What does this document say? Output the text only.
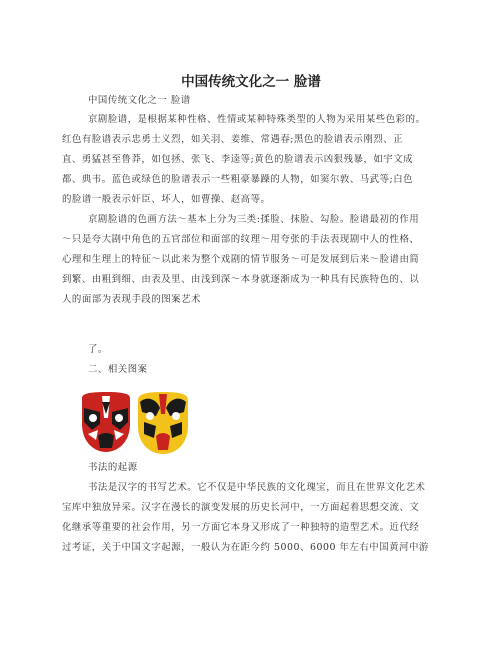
中国传统文化之一 脸谱
中国传统文化之一 脸谱
京剧脸谱，是根据某种性格、性情或某种特殊类型的人物为采用某些色彩的。
红色有脸谱表示忠勇士义烈，如关羽、姜维、常遇春;黑色的脸谱表示刚烈、正
直、勇猛甚至鲁莽，如包拯、张飞、李逵等;黄色的脸谱表示凶狠残暴，如宇文成
都、典韦。蓝色或绿色的脸谱表示一些粗豪暴躁的人物，如窦尔敦、马武等;白色
的脸谱一般表示奸臣、坏人，如曹操、赵高等。
京剧脸谱的色画方法～基本上分为三类:揉脸、抹脸、勾脸。脸谱最初的作用
～只是夸大剧中角色的五官部位和面部的纹理～用夸张的手法表现剧中人的性格、
心理和生理上的特征～以此来为整个戏剧的情节服务～可是发展到后来～脸谱由简
到繁、由粗到细、由表及里、由浅到深～本身就逐渐成为一种具有民族特色的、以
人的面部为表现手段的图案艺术
了。
二、相关图案
书法的起源
书法是汉字的书写艺术。它不仅是中华民族的文化瑰宝，而且在世界文化艺术
宝库中独放异采。汉字在漫长的演变发展的历史长河中，一方面起着思想交流、文
化继承等重要的社会作用，另一方面它本身又形成了一种独特的造型艺术。近代经
过考证，关于中国文字起源，一般认为在距今约 5000、6000 年左右中国黄河中游
